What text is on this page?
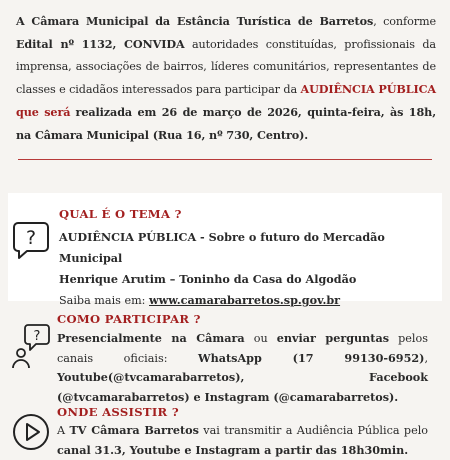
A Câmara Municipal da Estância Turística de Barretos, conforme Edital nº 1132, CONVIDA autoridades constituídas, profissionais da imprensa, associações de bairros, líderes comunitários, representantes de classes e cidadãos interessados para participar da AUDIÊNCIA PÚBLICA que será realizada em 26 de março de 2026, quinta-feira, às 18h, na Câmara Municipal (Rua 16, nº 730, Centro).
?
QUAL É O TEMA ?
AUDIÊNCIA PÚBLICA - Sobre o futuro do Mercadão Municipal
Henrique Arutim – Toninho da Casa do Algodão
Saiba mais em: www.camarabarretos.sp.gov.br
?
COMO PARTICIPAR ?
Presencialmente na Câmara ou enviar perguntas pelos canais oficiais: WhatsApp (17 99130-6952), Youtube(@tvcamarabarretos),	Facebook (@tvcamarabarretos) e Instagram (@camarabarretos).
ONDE ASSISTIR ?
A TV Câmara Barretos vai transmitir a Audiência Pública pelo canal 31.3, Youtube e Instagram a partir das 18h30min.
